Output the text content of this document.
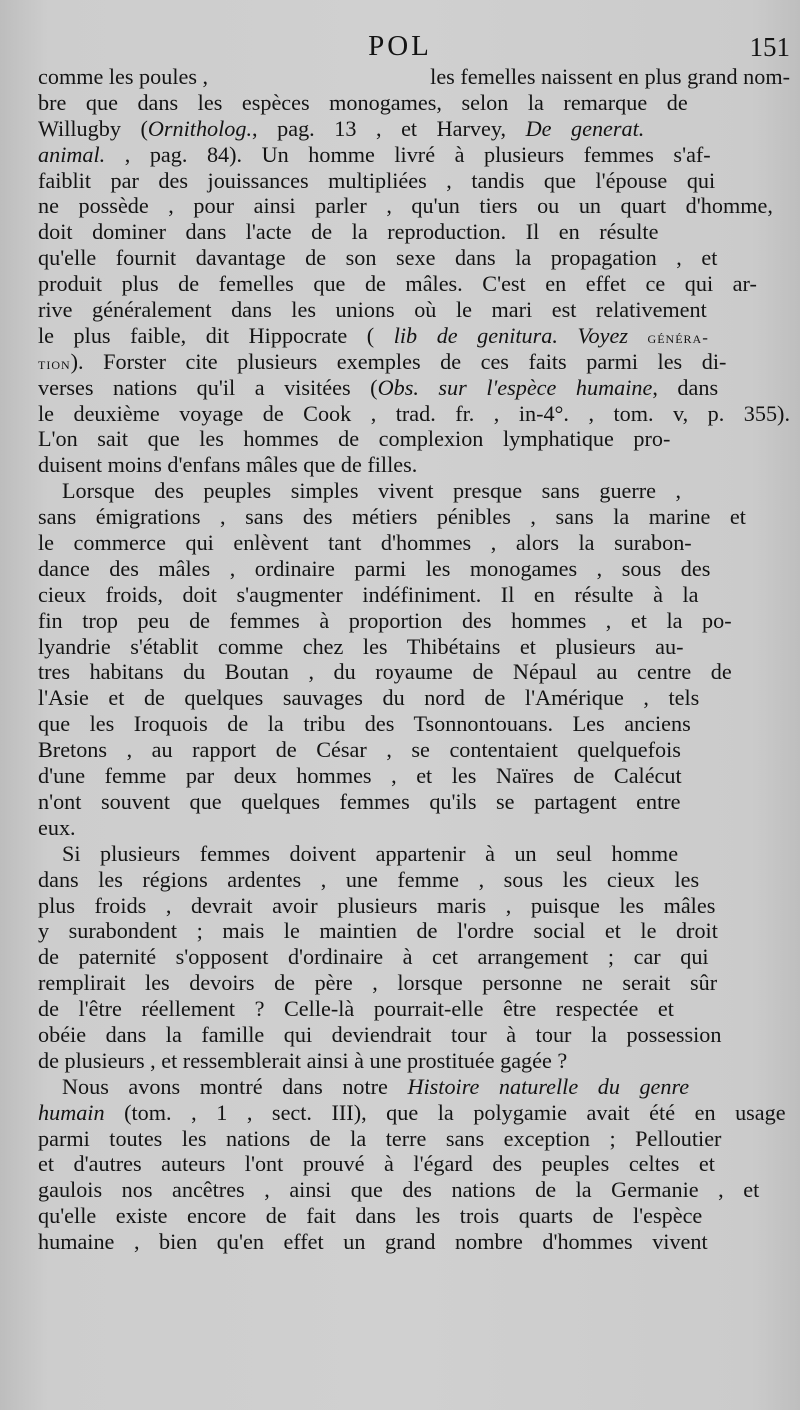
POL	151
comme les poules ,	les femelles naissent en plus grand nom-
bre que dans les espèces monogames, selon la remarque de
Willugby (Ornitholog., pag. 13 , et Harvey, De generat.
animal. , pag. 84). Un homme livré à plusieurs femmes s'af-
faiblit par des jouissances multipliées , tandis que l'épouse qui
ne possède , pour ainsi parler , qu'un tiers ou un quart d'homme,
doit dominer dans l'acte de la reproduction. Il en résulte
qu'elle fournit davantage de son sexe dans la propagation , et
produit plus de femelles que de mâles. C'est en effet ce qui ar-
rive généralement dans les unions où le mari est relativement
le plus faible, dit Hippocrate ( lib de genitura. Voyez généra-
tion). Forster cite plusieurs exemples de ces faits parmi les di-
verses nations qu'il a visitées (Obs. sur l'espèce humaine, dans
le deuxième voyage de Cook , trad. fr. , in-4°. , tom. v, p. 355).
L'on sait que les hommes de complexion lymphatique pro-
duisent moins d'enfans mâles que de filles.
Lorsque des peuples simples vivent presque sans guerre ,
sans émigrations , sans des métiers pénibles , sans la marine et
le commerce qui enlèvent tant d'hommes , alors la surabon-
dance des mâles , ordinaire parmi les monogames , sous des
cieux froids, doit s'augmenter indéfiniment. Il en résulte à la
fin trop peu de femmes à proportion des hommes , et la po-
lyandrie s'établit comme chez les Thibétains et plusieurs au-
tres habitans du Boutan , du royaume de Népaul au centre de
l'Asie et de quelques sauvages du nord de l'Amérique , tels
que les Iroquois de la tribu des Tsonnontouans. Les anciens
Bretons , au rapport de César , se contentaient quelquefois
d'une femme par deux hommes , et les Naïres de Calécut
n'ont souvent que quelques femmes qu'ils se partagent entre
eux.
Si plusieurs femmes doivent appartenir à un seul homme
dans les régions ardentes , une femme , sous les cieux les
plus froids , devrait avoir plusieurs maris , puisque les mâles
y surabondent ; mais le maintien de l'ordre social et le droit
de paternité s'opposent d'ordinaire à cet arrangement ; car qui
remplirait les devoirs de père , lorsque personne ne serait sûr
de l'être réellement ? Celle-là pourrait-elle être respectée et
obéie dans la famille qui deviendrait tour à tour la possession
de plusieurs , et ressemblerait ainsi à une prostituée gagée ?
Nous avons montré dans notre Histoire naturelle du genre
humain (tom. , 1 , sect. III), que la polygamie avait été en usage
parmi toutes les nations de la terre sans exception ; Pelloutier
et d'autres auteurs l'ont prouvé à l'égard des peuples celtes et
gaulois nos ancêtres , ainsi que des nations de la Germanie , et
qu'elle existe encore de fait dans les trois quarts de l'espèce
humaine , bien qu'en effet un grand nombre d'hommes vivent
